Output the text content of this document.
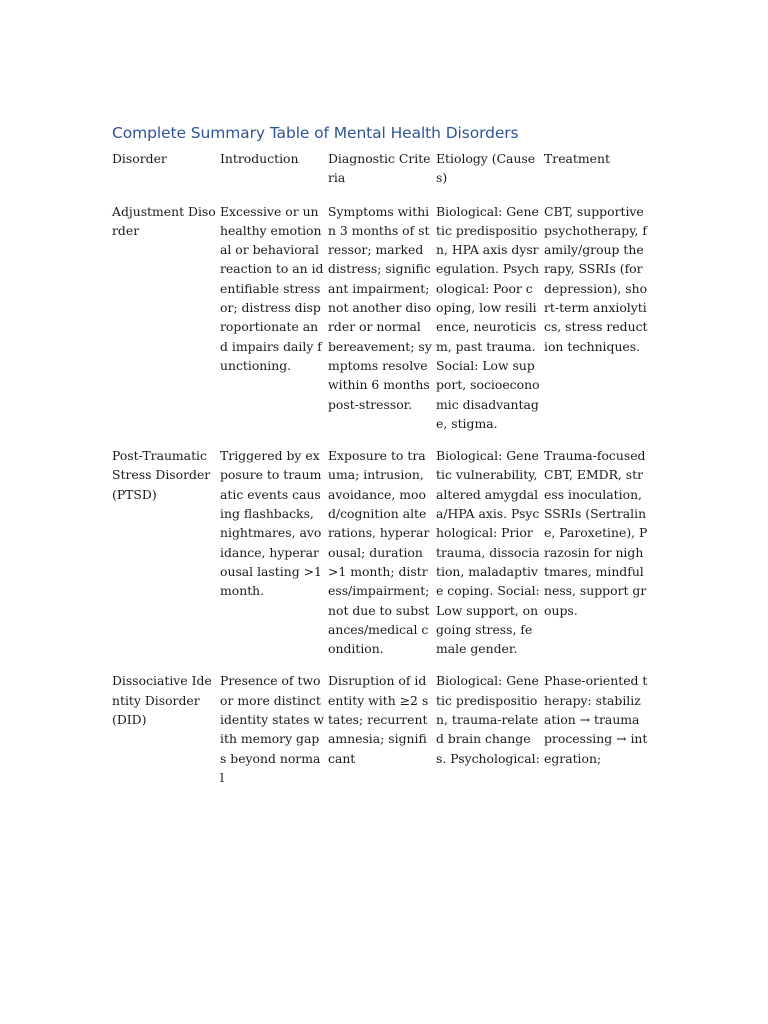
Complete Summary Table of Mental Health Disorders
Disorder	Introduction	Diagnostic Criteria	Etiology (Causes)	Treatment
Adjustment Disorder	Excessive or unhealthy emotional or behavioral reaction to an identifiable stressor; distress disproportionate and impairs daily functioning.	Symptoms within 3 months of stressor; marked distress; significant impairment; not another disorder or normal bereavement; symptoms resolve within 6 months post-stressor.	Biological: Genetic predisposition, HPA axis dysregulation. Psychological: Poor coping, low resilience, neuroticism, past trauma. Social: Low support, socioeconomic disadvantage, stigma.	CBT, supportive psychotherapy, family/group therapy, SSRIs (for depression), short-term anxiolytics, stress reduction techniques.
Post-Traumatic Stress Disorder (PTSD)	Triggered by exposure to traumatic events causing flashbacks, nightmares, avoidance, hyperarousal lasting >1 month.	Exposure to trauma; intrusion, avoidance, mood/cognition alterations, hyperarousal; duration >1 month; distress/impairment; not due to substances/medical condition.	Biological: Genetic vulnerability, altered amygdala/HPA axis. Psychological: Prior trauma, dissociation, maladaptive coping. Social: Low support, ongoing stress, female gender.	Trauma-focused CBT, EMDR, stress inoculation, SSRIs (Sertraline, Paroxetine), Prazosin for nightmares, mindfulness, support groups.
Dissociative Identity Disorder (DID)	Presence of two or more distinct identity states with memory gaps beyond normal	Disruption of identity with ≥2 states; recurrent amnesia; significant	Biological: Genetic predisposition, trauma-related brain changes. Psychological:	Phase-oriented therapy: stabilization → trauma processing → integration;
